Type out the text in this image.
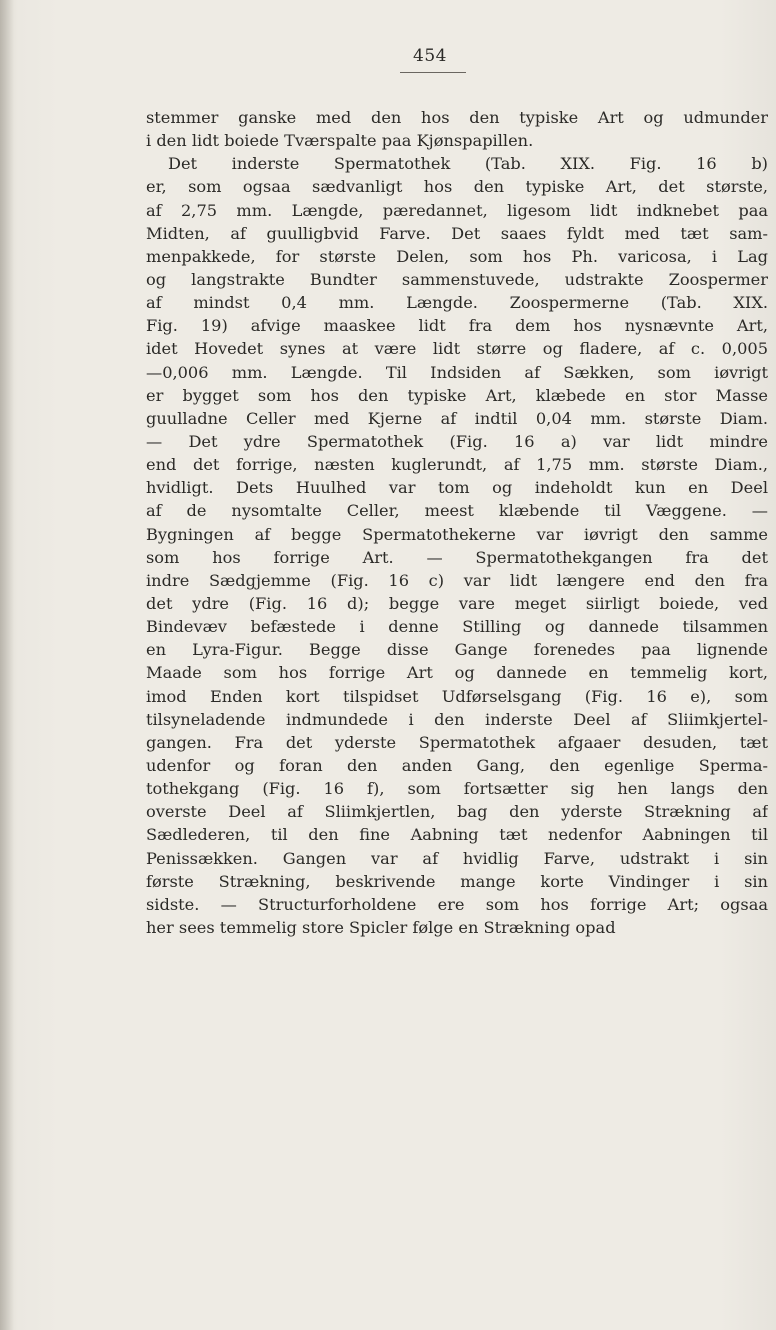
454
stemmer ganske med den hos den typiske Art og udmunder
i den lidt boiede Tværspalte paa Kjønspapillen.
Det inderste Spermatothek (Tab. XIX. Fig. 16 b)
er, som ogsaa sædvanligt hos den typiske Art, det største,
af 2,75 mm. Længde, pæredannet, ligesom lidt indknebet paa
Midten, af guulligbvid Farve. Det saaes fyldt med tæt sam-
menpakkede, for største Delen, som hos Ph. varicosa, i Lag
og langstrakte Bundter sammenstuvede, udstrakte Zoospermer
af mindst 0,4 mm. Længde. Zoospermerne (Tab. XIX.
Fig. 19) afvige maaskee lidt fra dem hos nysnævnte Art,
idet Hovedet synes at være lidt større og fladere, af c. 0,005
—0,006 mm. Længde. Til Indsiden af Sækken, som iøvrigt
er bygget som hos den typiske Art, klæbede en stor Masse
guulladne Celler med Kjerne af indtil 0,04 mm. største Diam.
— Det ydre Spermatothek (Fig. 16 a) var lidt mindre
end det forrige, næsten kuglerundt, af 1,75 mm. største Diam.,
hvidligt. Dets Huulhed var tom og indeholdt kun en Deel
af de nysomtalte Celler, meest klæbende til Væggene. —
Bygningen af begge Spermatothekerne var iøvrigt den samme
som hos forrige Art. — Spermatothekgangen fra det
indre Sædgjemme (Fig. 16 c) var lidt længere end den fra
det ydre (Fig. 16 d); begge vare meget siirligt boiede, ved
Bindevæv befæstede i denne Stilling og dannede tilsammen
en Lyra-Figur. Begge disse Gange forenedes paa lignende
Maade som hos forrige Art og dannede en temmelig kort,
imod Enden kort tilspidset Udførselsgang (Fig. 16 e), som
tilsyneladende indmundede i den inderste Deel af Sliimkjertel-
gangen. Fra det yderste Spermatothek afgaaer desuden, tæt
udenfor og foran den anden Gang, den egenlige Sperma-
tothekgang (Fig. 16 f), som fortsætter sig hen langs den
overste Deel af Sliimkjertlen, bag den yderste Strækning af
Sædlederen, til den fine Aabning tæt nedenfor Aabningen til
Penissækken. Gangen var af hvidlig Farve, udstrakt i sin
første Strækning, beskrivende mange korte Vindinger i sin
sidste. — Structurforholdene ere som hos forrige Art; ogsaa
her sees temmelig store Spicler følge en Strækning opad
